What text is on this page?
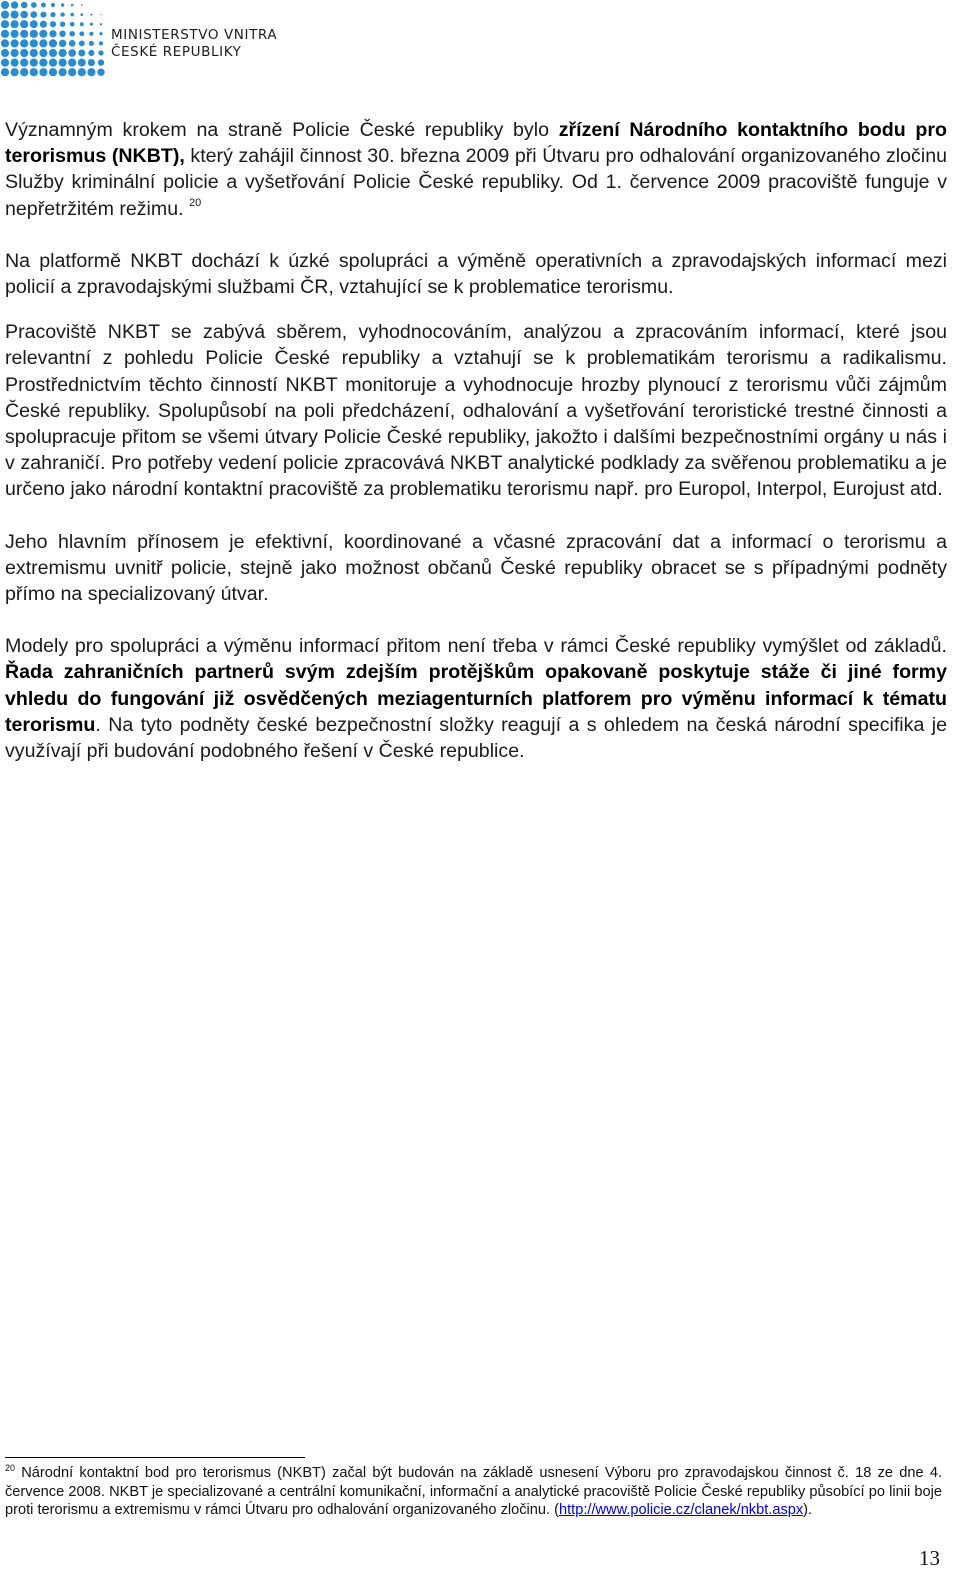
MINISTERSTVO VNITRA
ČESKÉ REPUBLIKY

Významným krokem na straně Policie České republiky bylo zřízení Národního kontaktního bodu pro terorismus (NKBT), který zahájil činnost 30. března 2009 při Útvaru pro odhalování organizovaného zločinu Služby kriminální policie a vyšetřování Policie České republiky. Od 1. července 2009 pracoviště funguje v nepřetržitém režimu. $^{20}$

Na platformě NKBT dochází k úzké spolupráci a výměně operativních a zpravodajských informací mezi policií a zpravodajskými službami ČR, vztahující se k problematice terorismu.

Pracoviště NKBT se zabývá sběrem, vyhodnocováním, analýzou a zpracováním informací, které jsou relevantní z pohledu Policie České republiky a vztahují se k problematikám terorismu a radikalismu. Prostřednictvím těchto činností NKBT monitoruje a vyhodnocuje hrozby plynoucí z terorismu vůči zájmům České republiky. Spolupůsobí na poli předcházení, odhalování a vyšetřování teroristické trestné činnosti a spolupracuje přitom se všemi útvary Policie České republiky, jakožto i dalšími bezpečnostními orgány u nás i v zahraničí. Pro potřeby vedení policie zpracovává NKBT analytické podklady za svěřenou problematiku a je určeno jako národní kontaktní pracoviště za problematiku terorismu např. pro Europol, Interpol, Eurojust atd.

Jeho hlavním přínosem je efektivní, koordinované a včasné zpracování dat a informací o terorismu a extremismu uvnitř policie, stejně jako možnost občanů České republiky obracet se s případnými podněty přímo na specializovaný útvar.

Modely pro spolupráci a výměnu informací přitom není třeba v rámci České republiky vymýšlet od základů. Řada zahraničních partnerů svým zdejším protějškům opakovaně poskytuje stáže či jiné formy vhledu do fungování již osvědčených meziagenturních platforem pro výměnu informací k tématu terorismu. Na tyto podněty české bezpečnostní složky reagují a s ohledem na česká národní specifika je využívají při budování podobného řešení v České republice.

$^{20}$ Národní kontaktní bod pro terorismus (NKBT) začal být budován na základě usnesení Výboru pro zpravodajskou činnost č. 18 ze dne 4. července 2008. NKBT je specializované a centrální komunikační, informační a analytické pracoviště Policie České republiky působící po linii boje proti terorismu a extremismu v rámci Útvaru pro odhalování organizovaného zločinu. (http://www.policie.cz/clanek/nkbt.aspx).
13
